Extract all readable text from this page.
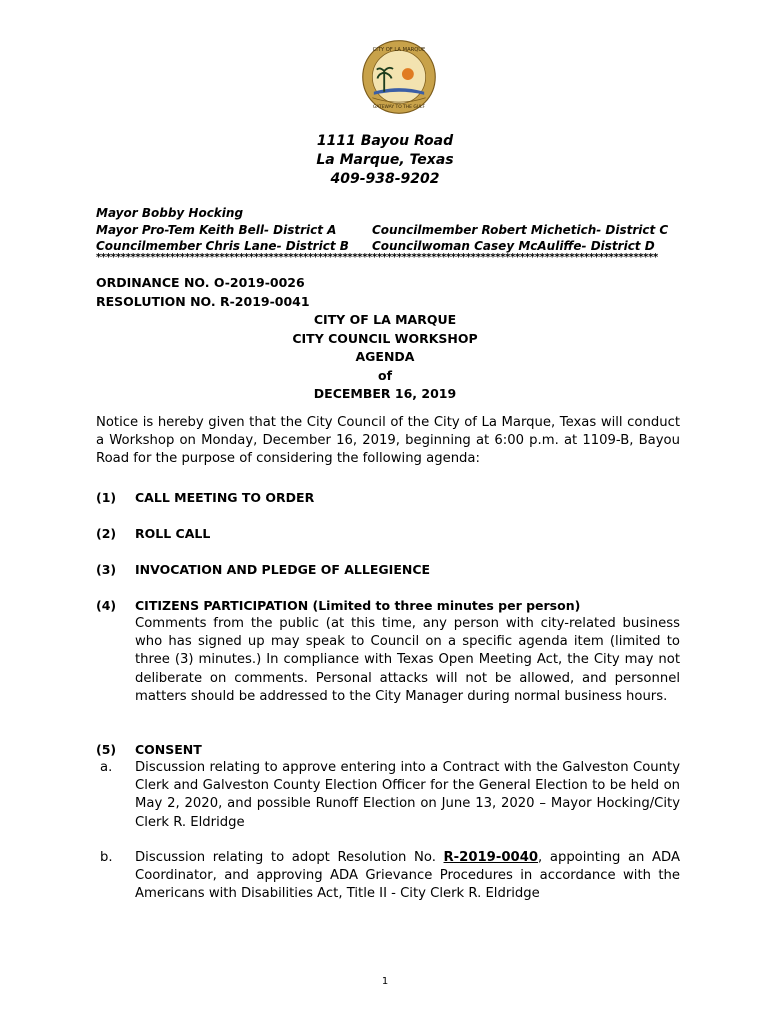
CITY OF LA MARQUE
GATEWAY TO THE GULF
1111 Bayou Road
La Marque, Texas
409-938-9202
Mayor Bobby Hocking
Mayor Pro-Tem Keith Bell- District A	Councilmember Robert Michetich- District C
Councilmember Chris Lane- District B	Councilwoman Casey McAuliffe- District D
******************************************************************************************************************
ORDINANCE NO. O-2019-0026
RESOLUTION NO. R-2019-0041
CITY OF LA MARQUE
CITY COUNCIL WORKSHOP
AGENDA
of
DECEMBER 16, 2019
Notice is hereby given that the City Council of the City of La Marque, Texas will conduct a Workshop on Monday, December 16, 2019, beginning at 6:00 p.m. at 1109-B, Bayou Road for the purpose of considering the following agenda:
(1) CALL MEETING TO ORDER
(2) ROLL CALL
(3) INVOCATION AND PLEDGE OF ALLEGIENCE
(4) CITIZENS PARTICIPATION (Limited to three minutes per person)
Comments from the public (at this time, any person with city-related business who has signed up may speak to Council on a specific agenda item (limited to three (3) minutes.) In compliance with Texas Open Meeting Act, the City may not deliberate on comments. Personal attacks will not be allowed, and personnel matters should be addressed to the City Manager during normal business hours.
(5) CONSENT
a. Discussion relating to approve entering into a Contract with the Galveston County Clerk and Galveston County Election Officer for the General Election to be held on May 2, 2020, and possible Runoff Election on June 13, 2020 – Mayor Hocking/City Clerk R. Eldridge
b. Discussion relating to adopt Resolution No. R-2019-0040, appointing an ADA Coordinator, and approving ADA Grievance Procedures in accordance with the Americans with Disabilities Act, Title II - City Clerk R. Eldridge
1
